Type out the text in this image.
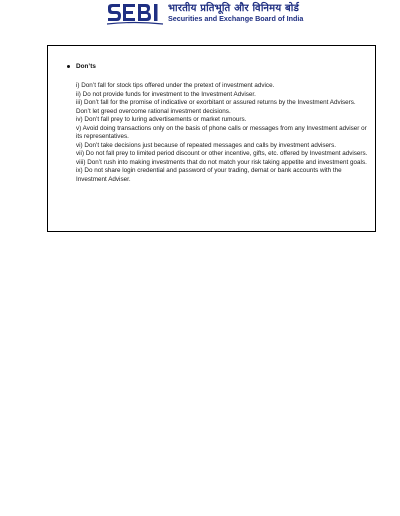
भारतीय प्रतिभूति और विनिमय बोर्ड
Securities and Exchange Board of India
Don’ts
i) Don’t fall for stock tips offered under the pretext of investment advice.
ii) Do not provide funds for investment to the Investment Adviser.
iii) Don’t fall for the promise of indicative or exorbitant or assured returns by the Investment Advisers. Don’t let greed overcome rational investment decisions.
iv) Don’t fall prey to luring advertisements or market rumours.
v) Avoid doing transactions only on the basis of phone calls or messages from any Investment adviser or its representatives.
vi) Don’t take decisions just because of repeated messages and calls by investment advisers.
vii) Do not fall prey to limited period discount or other incentive, gifts, etc. offered by Investment advisers.
viii) Don’t rush into making investments that do not match your risk taking appetite and investment goals.
ix) Do not share login credential and password of your trading, demat or bank accounts with the Investment Adviser.
